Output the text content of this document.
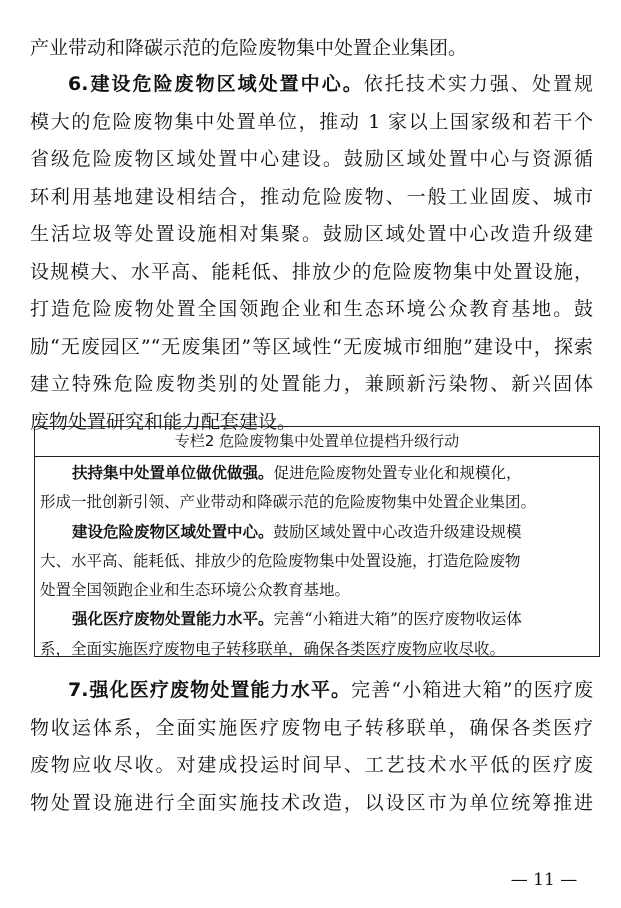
产业带动和降碳示范的危险废物集中处置企业集团。
6.建设危险废物区域处置中心。依托技术实力强、处置规
模大的危险废物集中处置单位，推动 1 家以上国家级和若干个
省级危险废物区域处置中心建设。鼓励区域处置中心与资源循
环利用基地建设相结合，推动危险废物、一般工业固废、城市
生活垃圾等处置设施相对集聚。鼓励区域处置中心改造升级建
设规模大、水平高、能耗低、排放少的危险废物集中处置设施，
打造危险废物处置全国领跑企业和生态环境公众教育基地。鼓
励“无废园区”“无废集团”等区域性“无废城市细胞”建设中，探索
建立特殊危险废物类别的处置能力，兼顾新污染物、新兴固体
废物处置研究和能力配套建设。
专栏2 危险废物集中处置单位提档升级行动
扶持集中处置单位做优做强。促进危险废物处置专业化和规模化，
形成一批创新引领、产业带动和降碳示范的危险废物集中处置企业集团。
建设危险废物区域处置中心。鼓励区域处置中心改造升级建设规模
大、水平高、能耗低、排放少的危险废物集中处置设施，打造危险废物
处置全国领跑企业和生态环境公众教育基地。
强化医疗废物处置能力水平。完善“小箱进大箱”的医疗废物收运体
系，全面实施医疗废物电子转移联单，确保各类医疗废物应收尽收。
7.强化医疗废物处置能力水平。完善“小箱进大箱”的医疗废
物收运体系，全面实施医疗废物电子转移联单，确保各类医疗
废物应收尽收。对建成投运时间早、工艺技术水平低的医疗废
物处置设施进行全面实施技术改造，以设区市为单位统筹推进
— 11 —
